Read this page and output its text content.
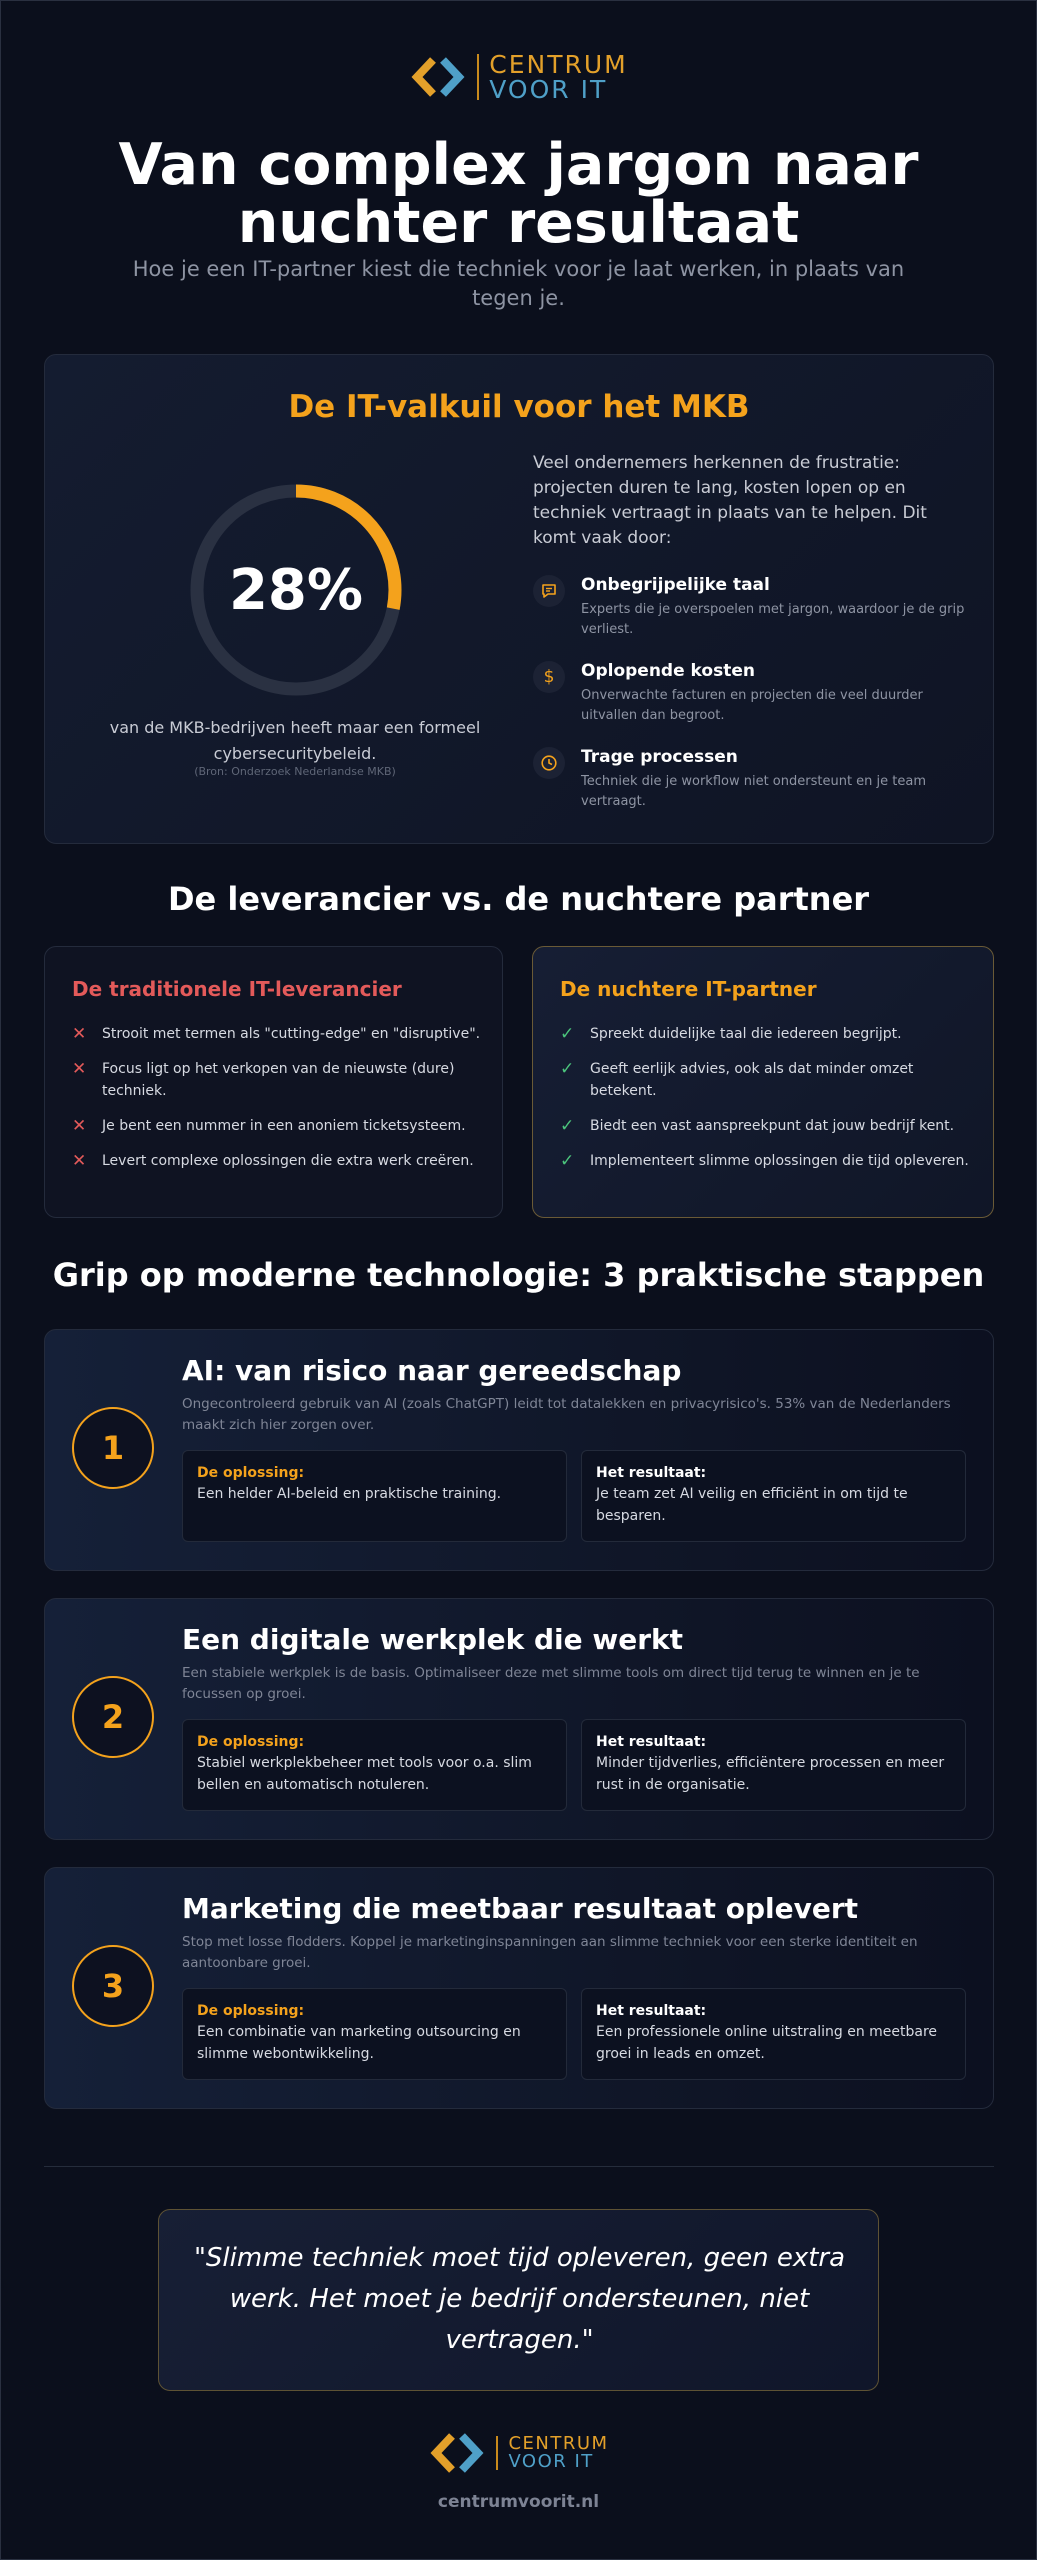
CENTRUM
VOOR IT
Van complex jargon naar
nuchter resultaat

Hoe je een IT-partner kiest die techniek voor je laat werken, in plaats van tegen je.

De IT-valkuil voor het MKB
28%
van de MKB-bedrijven heeft maar een formeel cybersecuritybeleid.
(Bron: Onderzoek Nederlandse MKB)
Veel ondernemers herkennen de frustratie: projecten duren te lang, kosten lopen op en techniek vertraagt in plaats van te helpen. Dit komt vaak door:
Onbegrijpelijke taal
Experts die je overspoelen met jargon, waardoor je de grip verliest.
$	Oplopende kosten
Onverwachte facturen en projecten die veel duurder uitvallen dan begroot.
Trage processen
Techniek die je workflow niet ondersteunt en je team vertraagt.
De leverancier vs. de nuchtere partner
De traditionele IT-leverancier
✕ Strooit met termen als "cutting-edge" en "disruptive".
✕ Focus ligt op het verkopen van de nieuwste (dure) techniek.
✕ Je bent een nummer in een anoniem ticketsysteem.
✕ Levert complexe oplossingen die extra werk creëren.
De nuchtere IT-partner
✓ Spreekt duidelijke taal die iedereen begrijpt.
✓ Geeft eerlijk advies, ook als dat minder omzet betekent.
✓ Biedt een vast aanspreekpunt dat jouw bedrijf kent.
✓ Implementeert slimme oplossingen die tijd opleveren.
Grip op moderne technologie: 3 praktische stappen
1
AI: van risico naar gereedschap
Ongecontroleerd gebruik van AI (zoals ChatGPT) leidt tot datalekken en privacyrisico's. 53% van de Nederlanders maakt zich hier zorgen over.
De oplossing:
Een helder AI-beleid en praktische training.
Het resultaat:
Je team zet AI veilig en efficiënt in om tijd te besparen.
2
Een digitale werkplek die werkt
Een stabiele werkplek is de basis. Optimaliseer deze met slimme tools om direct tijd terug te winnen en je te focussen op groei.
De oplossing:
Stabiel werkplekbeheer met tools voor o.a. slim bellen en automatisch notuleren.
Het resultaat:
Minder tijdverlies, efficiëntere processen en meer rust in de organisatie.
3
Marketing die meetbaar resultaat oplevert
Stop met losse flodders. Koppel je marketinginspanningen aan slimme techniek voor een sterke identiteit en aantoonbare groei.
De oplossing:
Een combinatie van marketing outsourcing en slimme webontwikkeling.
Het resultaat:
Een professionele online uitstraling en meetbare groei in leads en omzet.

"Slimme techniek moet tijd opleveren, geen extra werk. Het moet je bedrijf ondersteunen, niet vertragen."

CENTRUM
VOOR IT
centrumvoorit.nl
